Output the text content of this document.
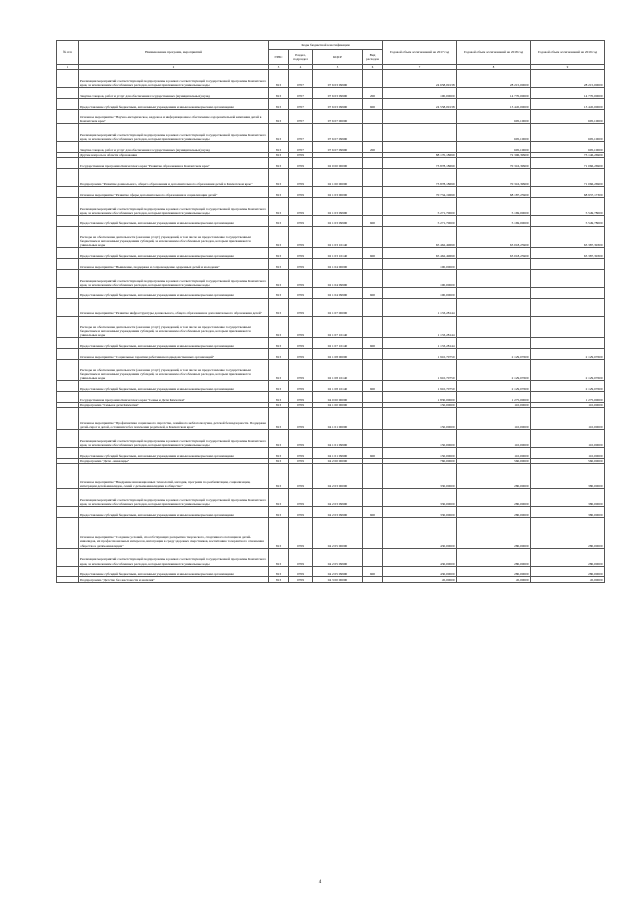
№ п/п	Наименование программ, мероприятий	Коды бюджетной классификации				Годовой объем ассигнований на 2017 год	Годовой объем ассигнований на 2018 год	Годовой объем ассигнований на 2019 год
		ГРБС	Раздел, подраздел	КЦСР	Вид расходов			
1	2	3	4	5	6	7	8	9
	Реализация мероприятий соответствующей подпрограммы в рамках соответствующей государственной программы Камчатского края, за исключением обособленных расходов, которым присваиваются уникальные коды	813	0707	07 6 03 09990		24 658,09138	28 215,00000	28 215,00000
	Закупка товаров, работ и услуг для обеспечения государственных (муниципальных) нужд	813	0707	07 6 03 09990	200	100,00000	14 770,00000	14 770,00000
	Предоставление субсидий бюджетным, автономным учреждениям и иным некоммерческим организациям	813	0707	07 6 03 09990	600	24 558,09138	13 445,00000	13 445,00000
	Основное мероприятие "Научно-методическое, кадровое и информационное обеспечение оздоровительной кампании детей в Камчатском крае"	813	0707	07 6 07 00000			605,10000	605,10000
	Реализация мероприятий соответствующей подпрограммы в рамках соответствующей государственной программы Камчатского края, за исключением обособленных расходов, которым присваиваются уникальные коды	813	0707	07 6 07 09990			605,10000	605,10000
	Закупка товаров, работ и услуг для обеспечения государственных (муниципальных) нужд	813	0707	07 6 07 09990	200		605,10000	605,10000
	Другие вопросы в области образования	813	0709			88 170,18699	72 396,39900	73 146,26900
	Государственная программа Камчатского края "Развитие образования в Камчатском крае"	813	0709	02 0 00 00000		73 878,18699	70 316,39900	71 066,26900
	Подпрограмма "Развитие дошкольного, общего образования и дополнительного образования детей в Камчатском крае"	813	0709	02 1 00 00000		73 878,18699	70 316,39900	71 066,26900
	Основное мероприятие "Развитие сферы дополнительного образования и социализации детей"	813	0709	02 1 03 00000		70 734,19699	68 187,23900	68 937,17300
	Реализация мероприятий соответствующей подпрограммы в рамках соответствующей государственной программы Камчатского края, за исключением обособленных расходов, которым присваиваются уникальные коды	813	0709	02 1 03 09990		5 271,70000	5 169,00000	5 549,78000
	Предоставление субсидий бюджетным, автономным учреждениям и иным некоммерческим организациям	813	0709	02 1 03 09990	600	5 271,70000	5 169,00000	5 549,78000
	Расходы на обеспечение деятельности (оказание услуг) учреждений, в том числе на предоставление государственным бюджетным и автономным учреждениям субсидий, за исключением обособленных расходов, которым присваиваются уникальные коды	813	0709	02 1 03 10140		65 462,49699	63 018,23900	63 387,39300
	Предоставление субсидий бюджетным, автономным учреждениям и иным некоммерческим организациям	813	0709	02 1 03 10140	600	65 462,49699	63 018,23900	63 387,39300
	Основное мероприятие "Выявление, поддержка и сопровождение одаренных детей и молодежи"	813	0709	02 1 04 00000		100,00000		
	Реализация мероприятий соответствующей подпрограммы в рамках соответствующей государственной программы Камчатского края, за исключением обособленных расходов, которым присваиваются уникальные коды	813	0709	02 1 04 09990		100,00000		
	Предоставление субсидий бюджетным, автономным учреждениям и иным некоммерческим организациям	813	0709	02 1 04 09990	600	100,00000		
	Основное мероприятие "Развитие инфраструктуры дошкольного, общего образования и дополнительного образования детей"	813	0709	02 1 07 00000		1 133,28144		
	Расходы на обеспечение деятельности (оказание услуг) учреждений, в том числе на предоставление государственным бюджетным и автономным учреждениям субсидий, за исключением обособленных расходов, которым присваиваются уникальные коды	813	0709	02 1 07 10140		1 133,28144		
	Предоставление субсидий бюджетным, автономным учреждениям и иным некоммерческим организациям	813	0709	02 1 07 10140	600	1 133,28144		
	Основное мероприятие "Социальные гарантии работникам подведомственных организаций"	813	0709	02 1 08 00000		1 910,70750	2 129,07600	2 129,07600
	Расходы на обеспечение деятельности (оказание услуг) учреждений, в том числе на предоставление государственным бюджетным и автономным учреждениям субсидий, за исключением обособленных расходов, которым присваиваются уникальные коды	813	0709	02 1 08 10140		1 910,70750	2 129,07600	2 129,07600
	Предоставление субсидий бюджетным, автономным учреждениям и иным некоммерческим организациям	813	0709	02 1 08 10140	600	1 910,70750	2 129,07600	2 129,07600
	Государственная программа Камчатского края "Семья и Дети Камчатки"	813	0709	04 0 00 00000		1 830,00000	1 275,00000	1 275,00000
	Подпрограмма "Семья и дети Камчатки"	813	0709	04 1 00 00000		150,00000	110,00000	110,00000
	Основное мероприятие "Профилактика социального сиротства, семейного неблагополучия, детской безнадзорности. Поддержка детей-сирот и детей, оставшихся без попечения родителей, в Камчатском крае"	813	0709	04 1 01 00000		150,00000	110,00000	110,00000
	Реализация мероприятий соответствующей подпрограммы в рамках соответствующей государственной программы Камчатского края, за исключением обособленных расходов, которым присваиваются уникальные коды	813	0709	04 1 01 09990		150,00000	110,00000	110,00000
	Предоставление субсидий бюджетным, автономным учреждениям и иным некоммерческим организациям	813	0709	04 1 01 09990	600	150,00000	110,00000	110,00000
	Подпрограмма "Дети - инвалиды"	813	0709	04 2 00 00000		760,00000	560,00000	560,00000
	Основное мероприятие "Внедрение инновационных технологий, методик, программ по реабилитации, социализации, интеграции детей-инвалидов, семей с детьми-инвалидами в общество"	813	0709	04 2 03 00000		330,00000	280,00000	380,00000
	Реализация мероприятий соответствующей подпрограммы в рамках соответствующей государственной программы Камчатского края, за исключением обособленных расходов, которым присваиваются уникальные коды	813	0709	04 2 03 09990		330,00000	280,00000	380,00000
	Предоставление субсидий бюджетным, автономным учреждениям и иным некоммерческим организациям	813	0709	04 2 03 09990	600	330,00000	280,00000	380,00000
	Основное мероприятие "Создание условий, способствующих раскрытию творческого, спортивного потенциала детей-инвалидов, их профессиональных интересов, интеграции в среду здоровых сверстников, воспитанию толерантного отношения общества к детям-инвалидам"	813	0709	04 2 05 00000		430,00000	280,00000	280,00000
	Реализация мероприятий соответствующей подпрограммы в рамках соответствующей государственной программы Камчатского края, за исключением обособленных расходов, которым присваиваются уникальные коды	813	0709	04 2 05 09990		430,00000	280,00000	280,00000
	Предоставление субсидий бюджетным, автономным учреждениям и иным некоммерческим организациям	813	0709	04 2 05 09990	600	430,00000	280,00000	280,00000
	Подпрограмма "Детство без жестокости и насилия"	813	0709	04 3 00 00000		45,00000	45,00000	45,00000
4
